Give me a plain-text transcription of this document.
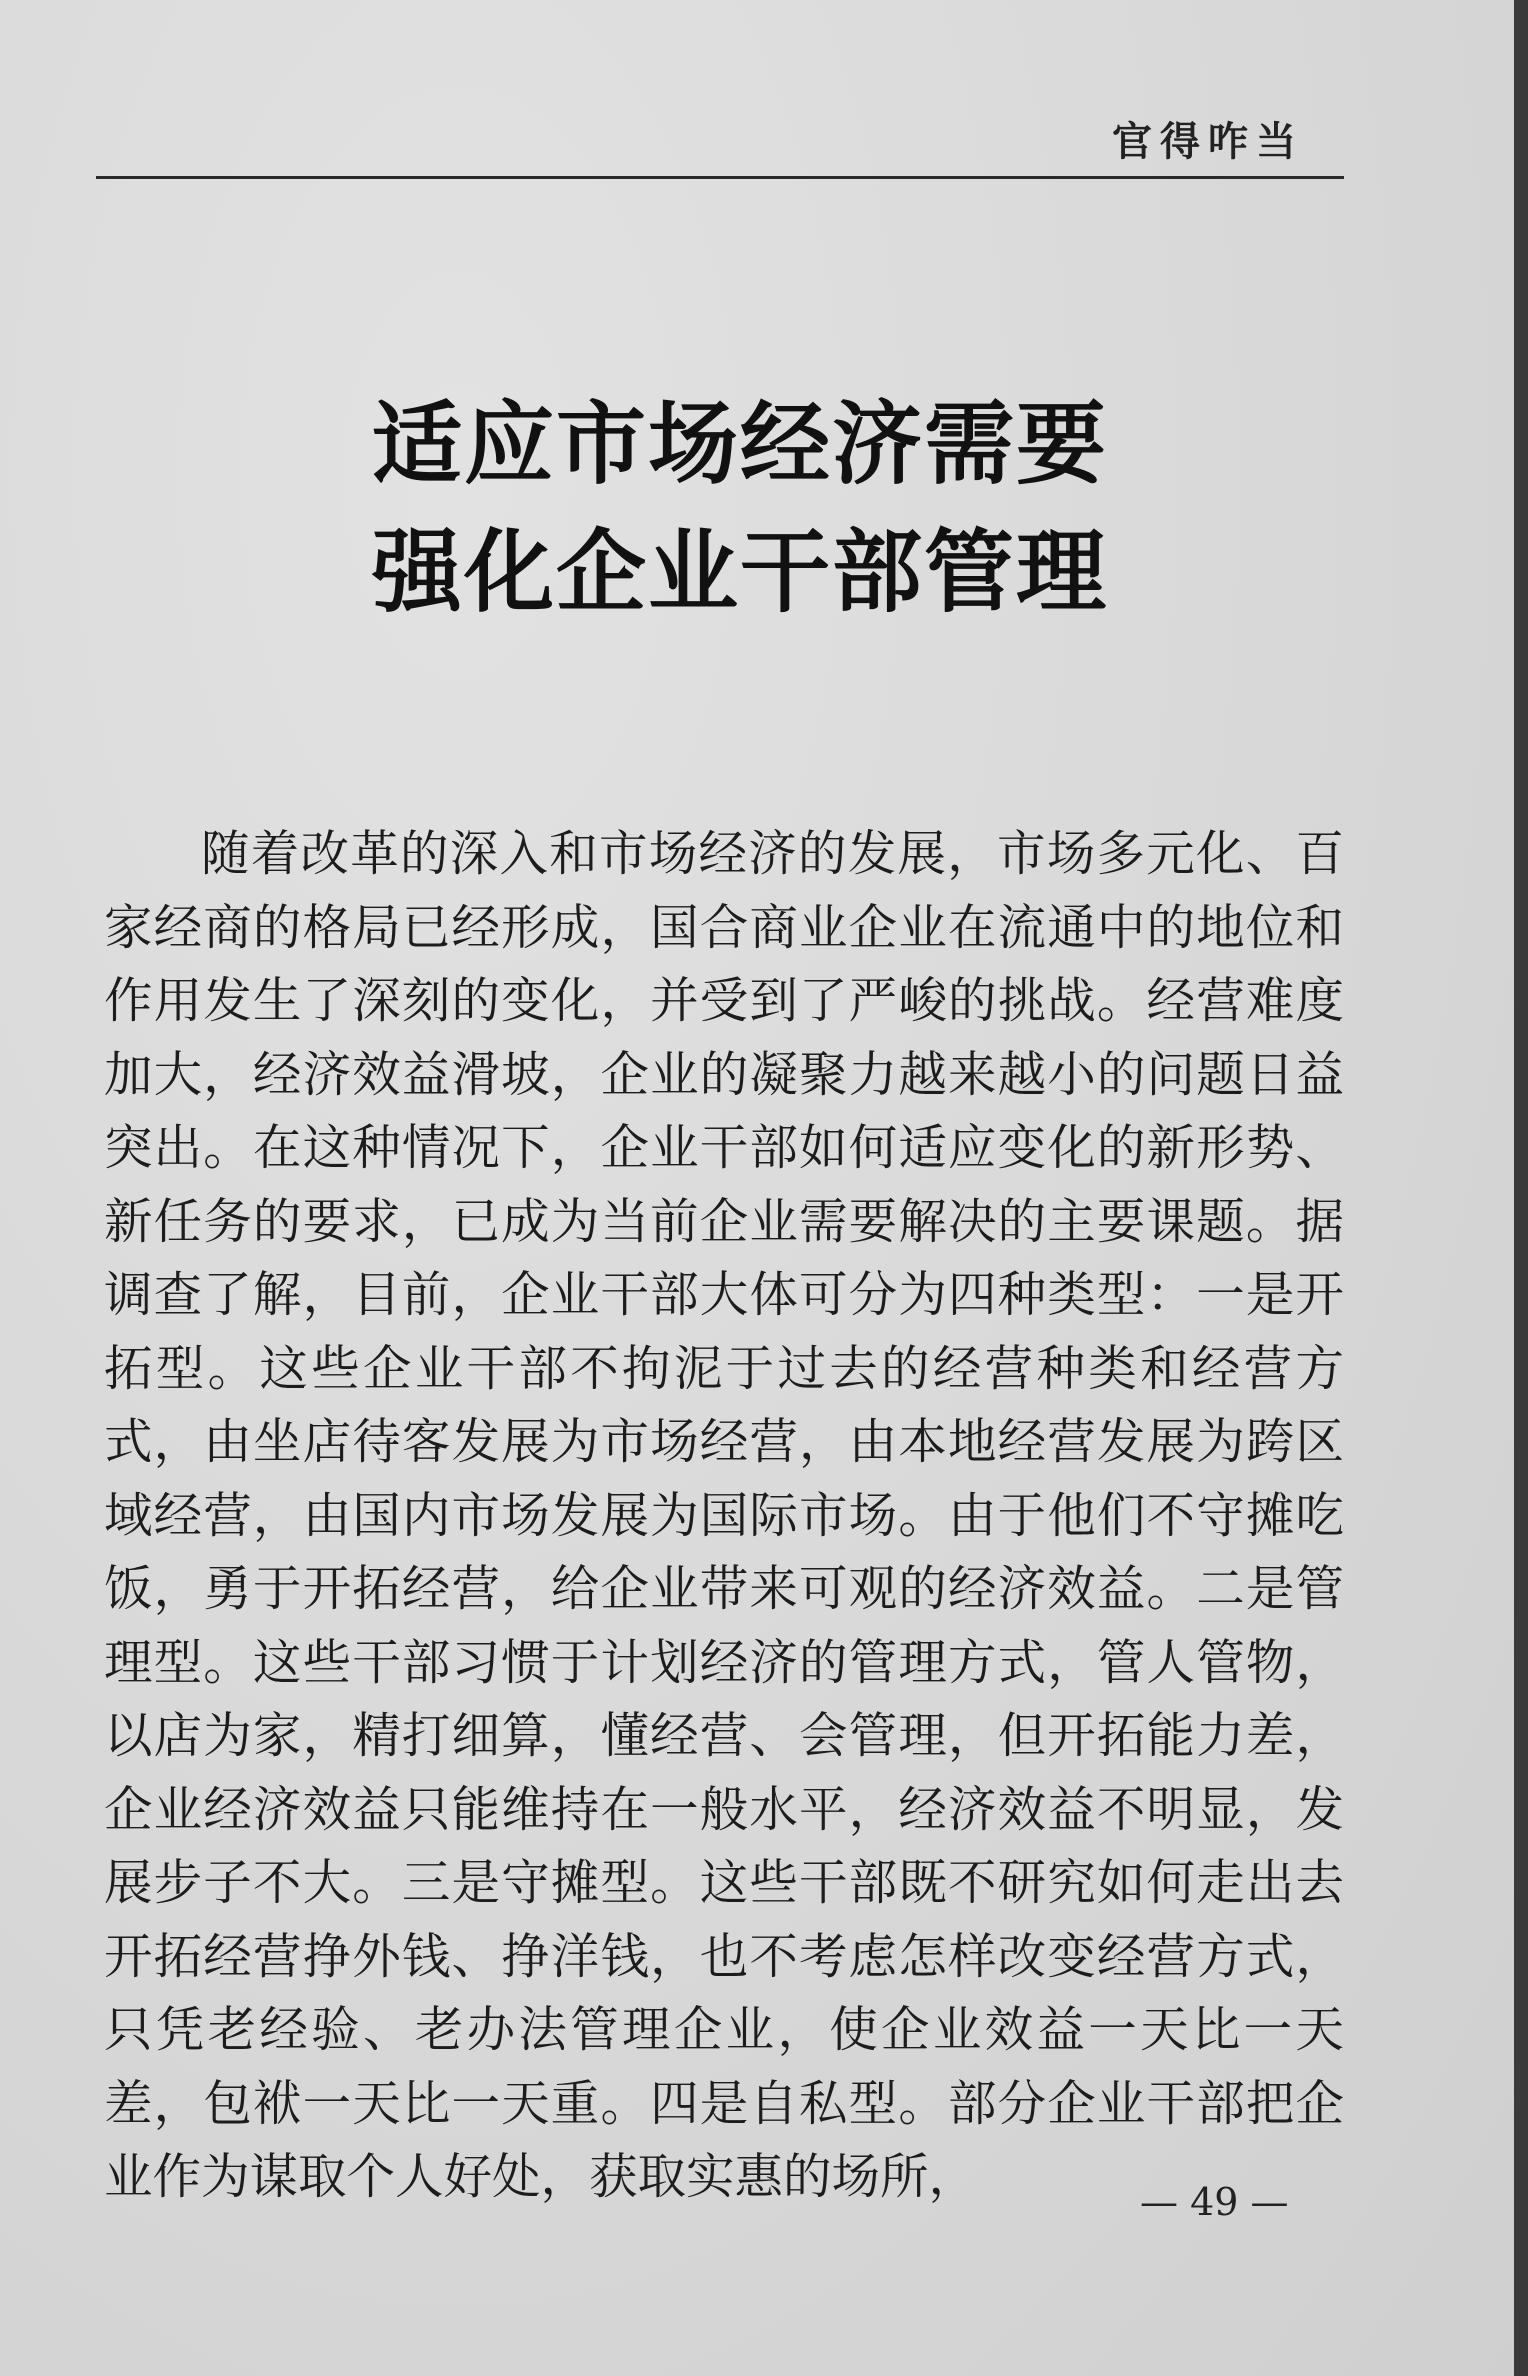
官得咋当
适应市场经济需要
强化企业干部管理

随着改革的深入和市场经济的发展，市场多元化、百家经商的格局已经形成，国合商业企业在流通中的地位和作用发生了深刻的变化，并受到了严峻的挑战。经营难度加大，经济效益滑坡，企业的凝聚力越来越小的问题日益突出。在这种情况下，企业干部如何适应变化的新形势、新任务的要求，已成为当前企业需要解决的主要课题。据调查了解，目前，企业干部大体可分为四种类型：一是开拓型。这些企业干部不拘泥于过去的经营种类和经营方式，由坐店待客发展为市场经营，由本地经营发展为跨区域经营，由国内市场发展为国际市场。由于他们不守摊吃饭，勇于开拓经营，给企业带来可观的经济效益。二是管理型。这些干部习惯于计划经济的管理方式，管人管物，以店为家，精打细算，懂经营、会管理，但开拓能力差，企业经济效益只能维持在一般水平，经济效益不明显，发展步子不大。三是守摊型。这些干部既不研究如何走出去开拓经营挣外钱、挣洋钱，也不考虑怎样改变经营方式，只凭老经验、老办法管理企业，使企业效益一天比一天差，包袱一天比一天重。四是自私型。部分企业干部把企业作为谋取个人好处，获取实惠的场所，	— 49 —
